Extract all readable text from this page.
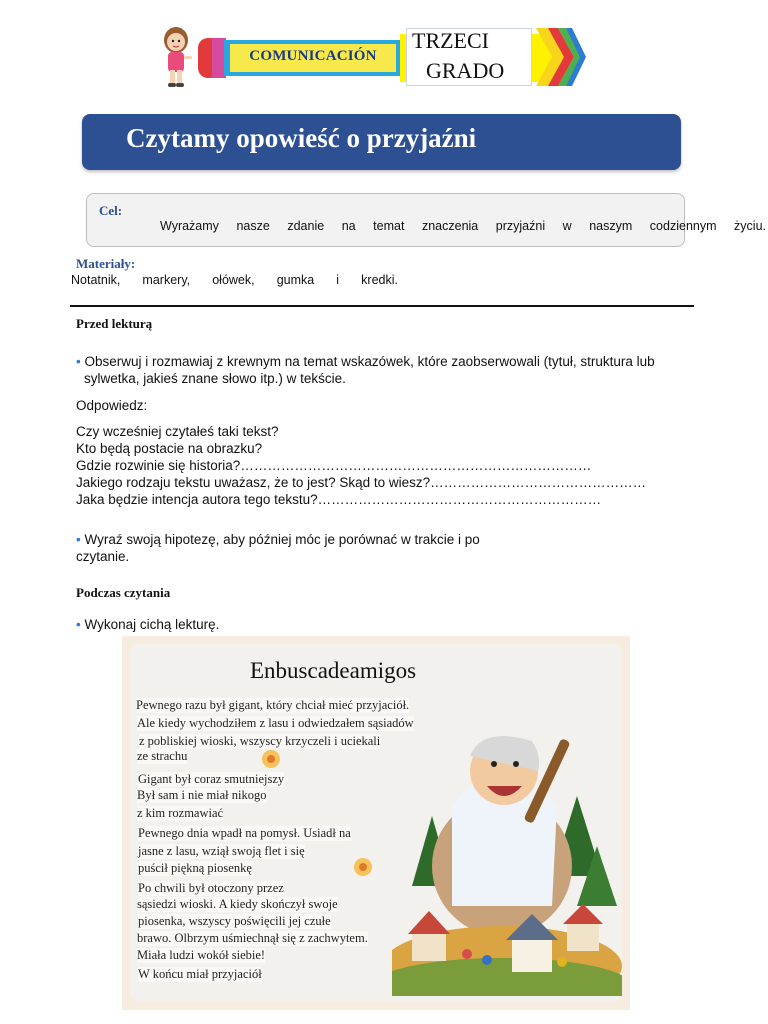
COMUNICACIÓN
TRZECI
GRADO
Czytamy opowieść o przyjaźni
Cel:
Wyrażamy nasze zdanie na temat znaczenia przyjaźni w naszym codziennym życiu.
Materiały:
Notatnik, markery, ołówek, gumka i kredki.
Przed lekturą
• Obserwuj i rozmawiaj z krewnym na temat wskazówek, które zaobserwowali (tytuł, struktura lub
sylwetka, jakieś znane słowo itp.) w tekście.
Odpowiedz:
Czy wcześniej czytałeś taki tekst?
Kto będą postacie na obrazku?
Gdzie rozwinie się historia?……………………………………………………………………
Jakiego rodzaju tekstu uważasz, że to jest? Skąd to wiesz?…………………………………………
Jaka będzie intencja autora tego tekstu?………………………………………………………
• Wyraź swoją hipotezę, aby później móc je porównać w trakcie i po
czytanie.
Podczas czytania
• Wykonaj cichą lekturę.
Enbuscadeamigos
Pewnego razu był gigant, który chciał mieć przyjaciół.
Ale kiedy wychodziłem z lasu i odwiedzałem sąsiadów
z pobliskiej wioski, wszyscy krzyczeli i uciekali
ze strachu
Gigant był coraz smutniejszy
Był sam i nie miał nikogo
z kim rozmawiać
Pewnego dnia wpadł na pomysł. Usiadł na
jasne z lasu, wziął swoją flet i się
puścił piękną piosenkę
Po chwili był otoczony przez
sąsiedzi wioski. A kiedy skończył swoje
piosenka, wszyscy poświęcili jej czułe
brawo. Olbrzym uśmiechnął się z zachwytem.
Miała ludzi wokół siebie!
W końcu miał przyjaciół
